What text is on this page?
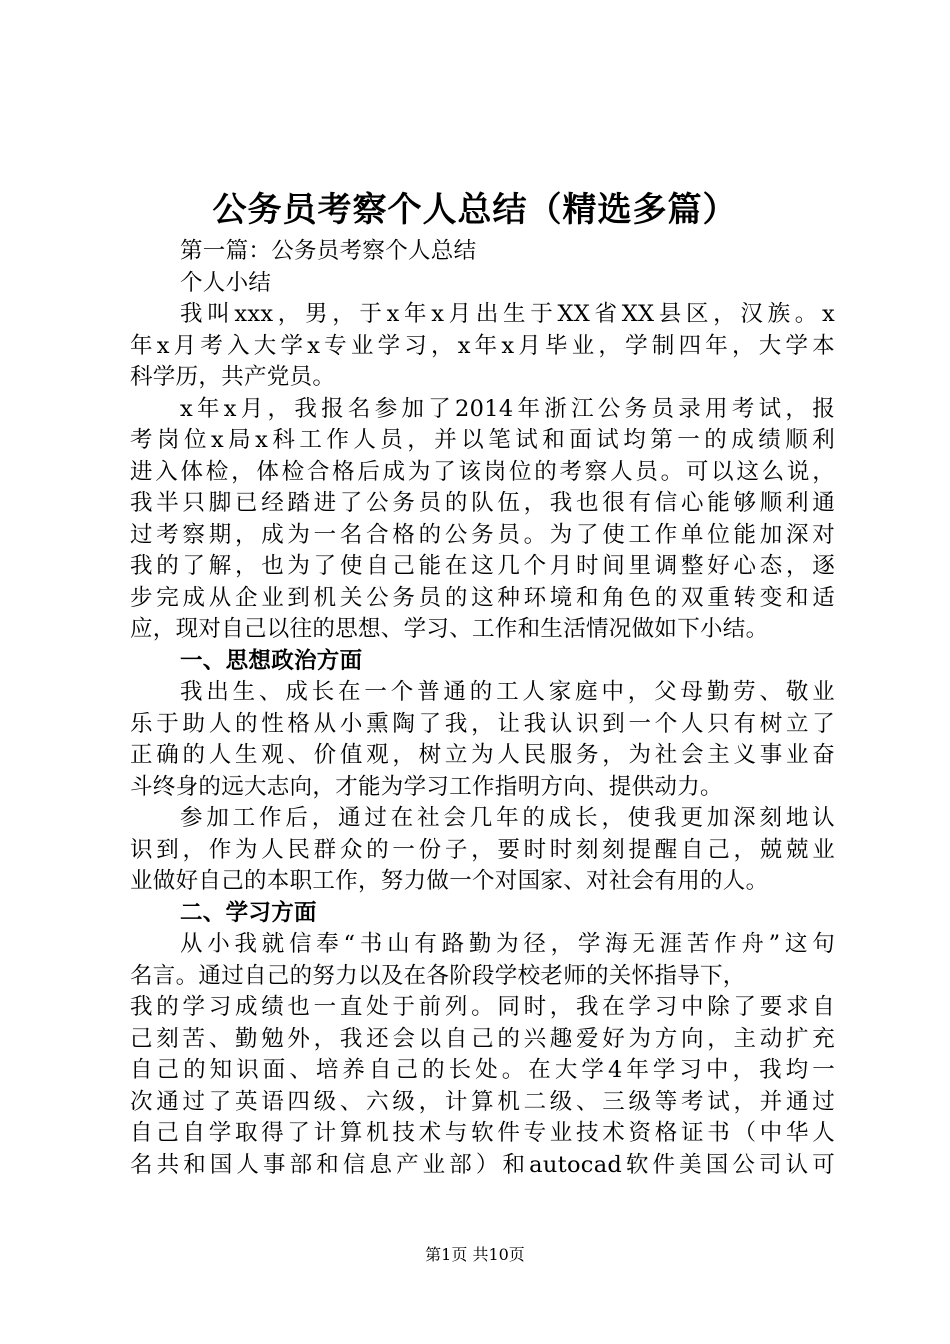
公务员考察个人总结（精选多篇）
第一篇：公务员考察个人总结
个人小结
我叫xxx，男，于x年x月出生于XX省XX县区，汉族。x
年x月考入大学x专业学习，x年x月毕业，学制四年，大学本
科学历，共产党员。
x年x月，我报名参加了2014年浙江公务员录用考试，报
考岗位x局x科工作人员，并以笔试和面试均第一的成绩顺利
进入体检，体检合格后成为了该岗位的考察人员。可以这么说，
我半只脚已经踏进了公务员的队伍，我也很有信心能够顺利通
过考察期，成为一名合格的公务员。为了使工作单位能加深对
我的了解，也为了使自己能在这几个月时间里调整好心态，逐
步完成从企业到机关公务员的这种环境和角色的双重转变和适
应，现对自己以往的思想、学习、工作和生活情况做如下小结。
一、思想政治方面
我出生、成长在一个普通的工人家庭中，父母勤劳、敬业
乐于助人的性格从小熏陶了我，让我认识到一个人只有树立了
正确的人生观、价值观，树立为人民服务，为社会主义事业奋
斗终身的远大志向，才能为学习工作指明方向、提供动力。
参加工作后，通过在社会几年的成长，使我更加深刻地认
识到，作为人民群众的一份子，要时时刻刻提醒自己，兢兢业
业做好自己的本职工作，努力做一个对国家、对社会有用的人。
二、学习方面
从小我就信奉“书山有路勤为径，学海无涯苦作舟”这句
名言。通过自己的努力以及在各阶段学校老师的关怀指导下，
我的学习成绩也一直处于前列。同时，我在学习中除了要求自
己刻苦、勤勉外，我还会以自己的兴趣爱好为方向，主动扩充
自己的知识面、培养自己的长处。在大学4年学习中，我均一
次通过了英语四级、六级，计算机二级、三级等考试，并通过
自己自学取得了计算机技术与软件专业技术资格证书（中华人
名共和国人事部和信息产业部）和autocad软件美国公司认可
第1页 共10页
